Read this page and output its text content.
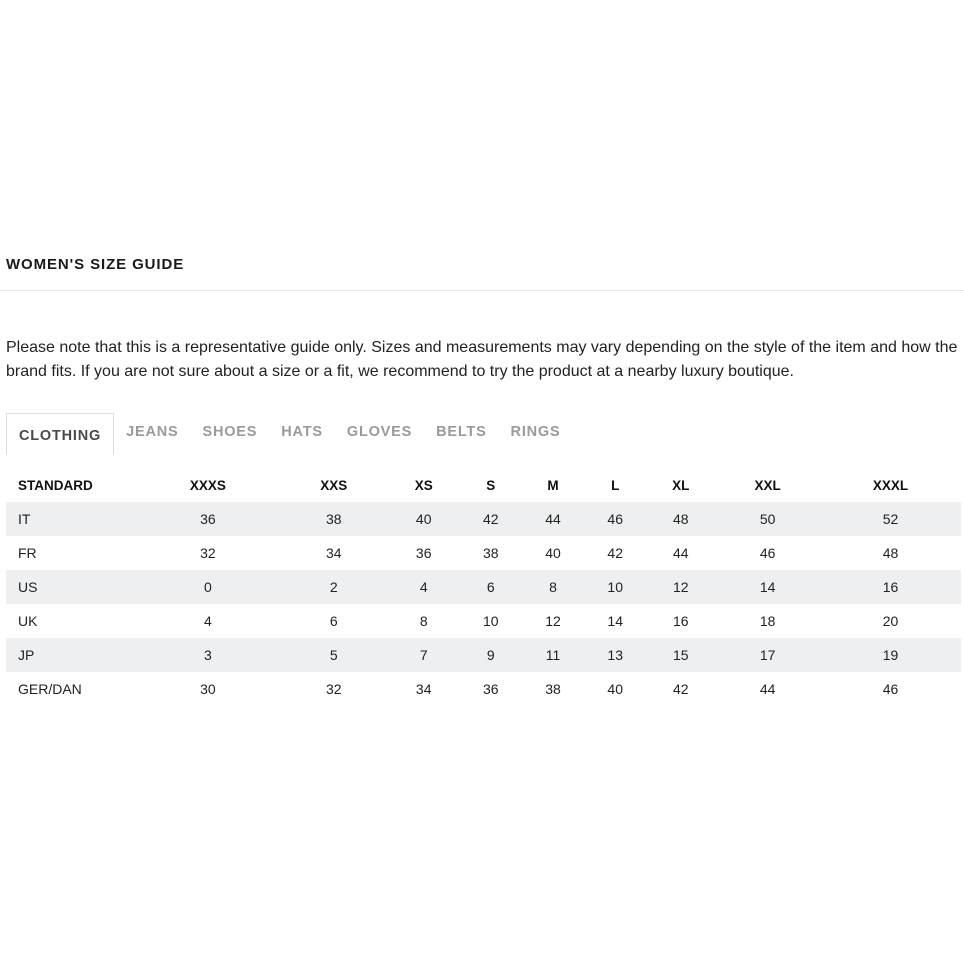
WOMEN'S SIZE GUIDE

Please note that this is a representative guide only. Sizes and measurements may vary depending on the style of the item and how the brand fits. If you are not sure about a size or a fit, we recommend to try the product at a nearby luxury boutique.

CLOTHING	JEANS	SHOES	HATS	GLOVES	BELTS	RINGS
STANDARD	XXXS	XXS	XS	S	M	L	XL	XXL	XXXL
IT	36	38	40	42	44	46	48	50	52
FR	32	34	36	38	40	42	44	46	48
US	0	2	4	6	8	10	12	14	16
UK	4	6	8	10	12	14	16	18	20
JP	3	5	7	9	11	13	15	17	19
GER/DAN	30	32	34	36	38	40	42	44	46
